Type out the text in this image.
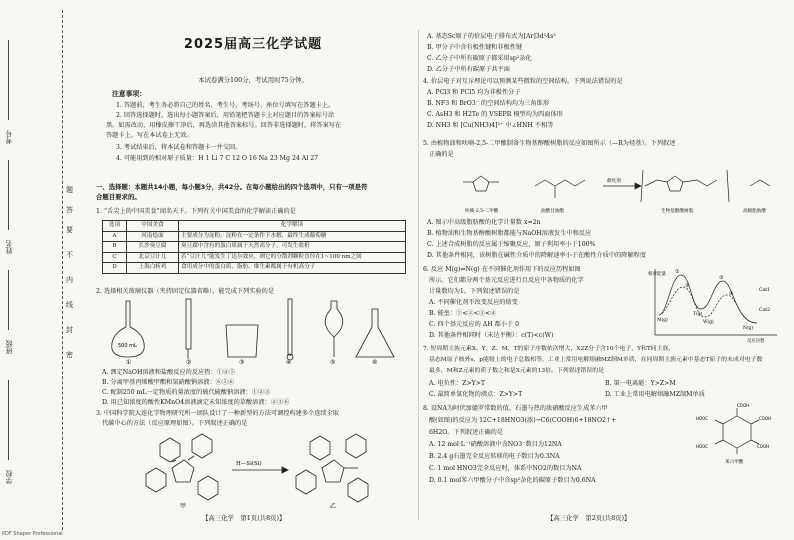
考号
姓名
班级
学校
题
答
要
不
内
线
封
密
2025届高三化学试题
本试卷满分100分，考试用时75分钟。
注意事项：
1. 答题前，考生务必将自己的姓名、考生号、考场号、座位号填写在答题卡上。
2. 回答选择题时，选出每小题答案后，用铅笔把答题卡上对应题目的答案标号涂
黑。如需改动，用橡皮擦干净后，再选涂其他答案标号。回答非选择题时，将答案写在
答题卡上。写在本试卷上无效。
3. 考试结束后，将本试卷和答题卡一并交回。
4. 可能用到的相对原子质量：H 1 Li 7 C 12 O 16 Na 23 Mg 24 Al 27
一、选择题：本题共14小题，每小题3分，共42分。在每小题给出的四个选项中，只有一项是符
合题目要求的。
1. “舌尖上的中国美食”闻名天下。下列有关中国美食的化学解读正确的是
选项	中国美食	化学解读
A	河南烩面	主要成分为淀粉，淀粉在一定条件下水解，最终生成葡萄糖
B	长沙臭豆腐	臭豆腐中含有的蛋白质属于天然高分子，可发生盐析
C	北京豆汁儿	若“豆汁儿”能发生丁达尔效应，则它的分散剂颗粒直径在1~100 nm之间
D	上海白斩鸡	食用成分中的蛋白质、脂肪、维生素都属于有机高分子
2. 选择相关玻璃仪器（夹持固定仪器省略），能完成下列实验的是
500 mL
①	②	③	④	⑤	⑥
A. 测定NaOH溶液和盐酸反应的反应热：①④⑤
B. 分离甲基丙烯酸甲酯和氢硝酸钠溶液：⑥⑤⑥
C. 配制250 mL一定物质的量浓度的硫代硫酸钠溶液：①②③
D. 用已知浓度的酸性KMnO4溶液滴定未知浓度的草酸溶液：②③⑥
3. 中国科学院大连化学物理研究所一团队设计了一种新型的方法可调控构建多个连续全取
代碳中心的方法（反应原理如图）。下列叙述正确的是
H—Si(Si)
甲	乙
【高三化学　第1页(共8页)】
A. 基态Sc原子的价层电子排布式为[Ar]3d¹4s²
B. 甲分子中含有极性键和非极性键
C. 乙分子中所有碳原子都采用sp²杂化
D. 乙分子中所有碳原子共平面
4. 价层电子对互斥理论可以预测某些微粒的空间结构。下列说法错误的是
A. PCl3 和 PCl5 均为非极性分子
B. NF3 和 BrO3⁻ 的空间结构均为三角锥形
C. AsH3 和 H2Te 的 VSEPR 模型均为四面体形
D. NH3 和 [Cu(NH3)4]²⁺ 中∠HNH 不相等
5. 由植物油和呋喃-2,5-二甲酸制备生物基醇酸树脂的反应如图所示（—R为烃基）。下列叙述
正确的是
呋喃-2,5-二甲酸	油酸甘油酯
催化剂
生物基醇酸树脂	高级脂肪酸
A. 图示中高级脂肪酸的化学计量数 x=2n
B. 植物油和生物基醇酸树脂都能与NaOH溶液发生中和反应
C. 上述合成树脂的反应属于缩聚反应，原子利用率小于100%
D. 其他条件相同，该树脂在碱性介质中的降解速率小于在酸性介质中的降解程度
6. 反应 M(g)⇌N(g) 在不同催化剂作用下的反应历程如图
所示。它们都分两个基元反应进行且反应中各物质的化学
计量数均为1。下列叙述错误的是
A. 不同催化剂不改变反应的焓变
B. 能垒：①<②<③<④
C. 四个基元反应的 ΔH 都小于 0
D. 其他条件相同时（未达平衡）：c(T)<c(W)
相对能量 ①
②
③
④
Cat1
Cat2
M(g)
T(g)
W(g)
N(g)
反应历程
7. 短周期主族元素X、Y、Z、M、T的原子序数依次增大，X2Z分子含10个电子，Y和T同主族，
基态M原子核外s、p能级上的电子总数相等，工业上常用电解熔融MZ制M单质，在同周期主族元素中基态T原子的未成对电子数
最多，M和Z元素的质子数之和是X元素的13倍。下列叙述错误的是
A. 电负性：Z>Y>T	B. 第一电离能：Y>Z>M
C. 最简单氢化物的沸点：Z>Y>T	D. 工业上常用电解熔融MZ制M单质
8. 设NA为阿伏加德罗常数的值。石墨与热的浓硝酸反应生成苯六甲
酸(如图)的反应为 12C+18HNO3(浓)→C6(COOH)6+18NO2↑+
6H2O。下列叙述正确的是
A. 12 mol·L⁻¹硝酸溶液中含NO3⁻数目为12NA
B. 2.4 g石墨完全反应转移的电子数目为0.3NA
C. 1 mol HNO3完全反应时，体系中NO2的数目为NA
D. 0.1 mol苯六甲酸分子中含sp²杂化的碳原子数目为0.6NA
COOH
COOH
COOH
HOOC
HOOC
苯六甲酸
【高三化学　第2页(共8页)】
PDF Shaper Professional
